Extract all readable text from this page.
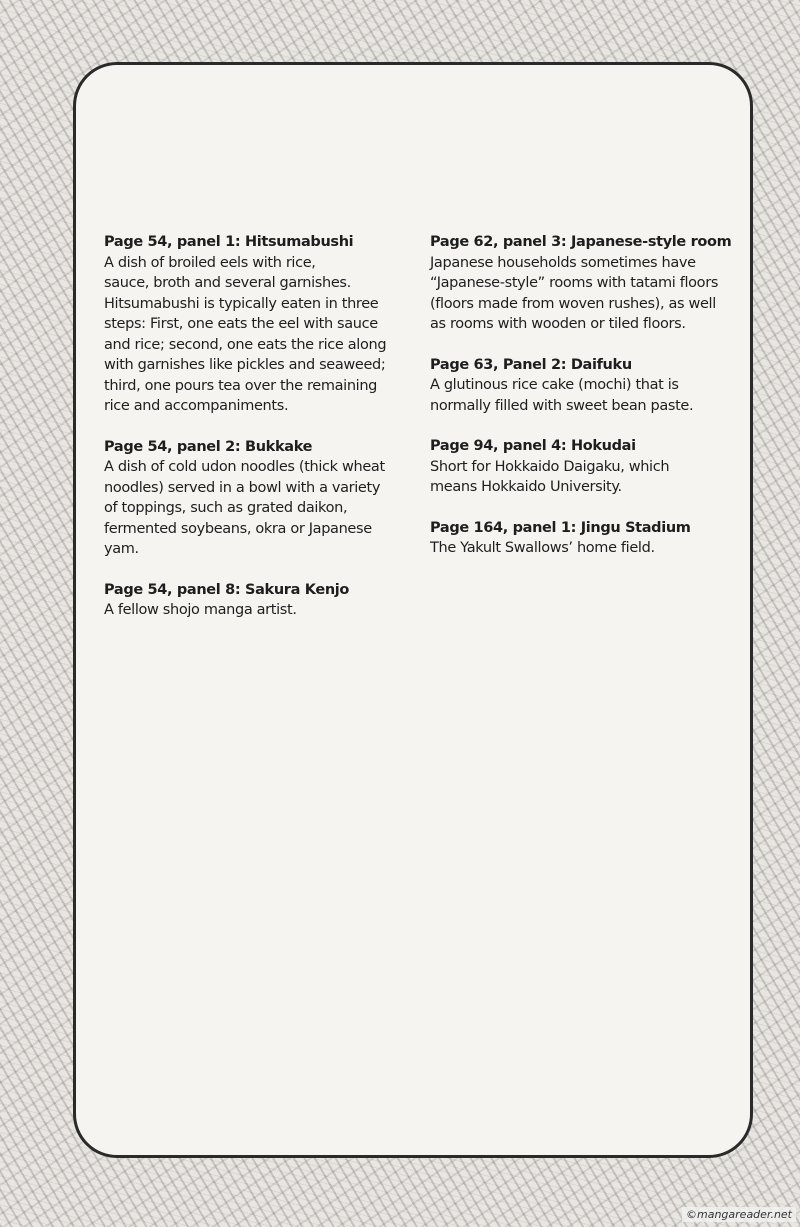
Page 54, panel 1: Hitsumabushi
A dish of broiled eels with rice,
sauce, broth and several garnishes.
Hitsumabushi is typically eaten in three
steps: First, one eats the eel with sauce
and rice; second, one eats the rice along
with garnishes like pickles and seaweed;
third, one pours tea over the remaining
rice and accompaniments.
Page 54, panel 2: Bukkake
A dish of cold udon noodles (thick wheat
noodles) served in a bowl with a variety
of toppings, such as grated daikon,
fermented soybeans, okra or Japanese
yam.
Page 54, panel 8: Sakura Kenjo
A fellow shojo manga artist.
Page 62, panel 3: Japanese-style room
Japanese households sometimes have
“Japanese-style” rooms with tatami floors
(floors made from woven rushes), as well
as rooms with wooden or tiled floors.
Page 63, Panel 2: Daifuku
A glutinous rice cake (mochi) that is
normally filled with sweet bean paste.
Page 94, panel 4: Hokudai
Short for Hokkaido Daigaku, which
means Hokkaido University.
Page 164, panel 1: Jingu Stadium
The Yakult Swallows’ home field.
©mangareader.net
